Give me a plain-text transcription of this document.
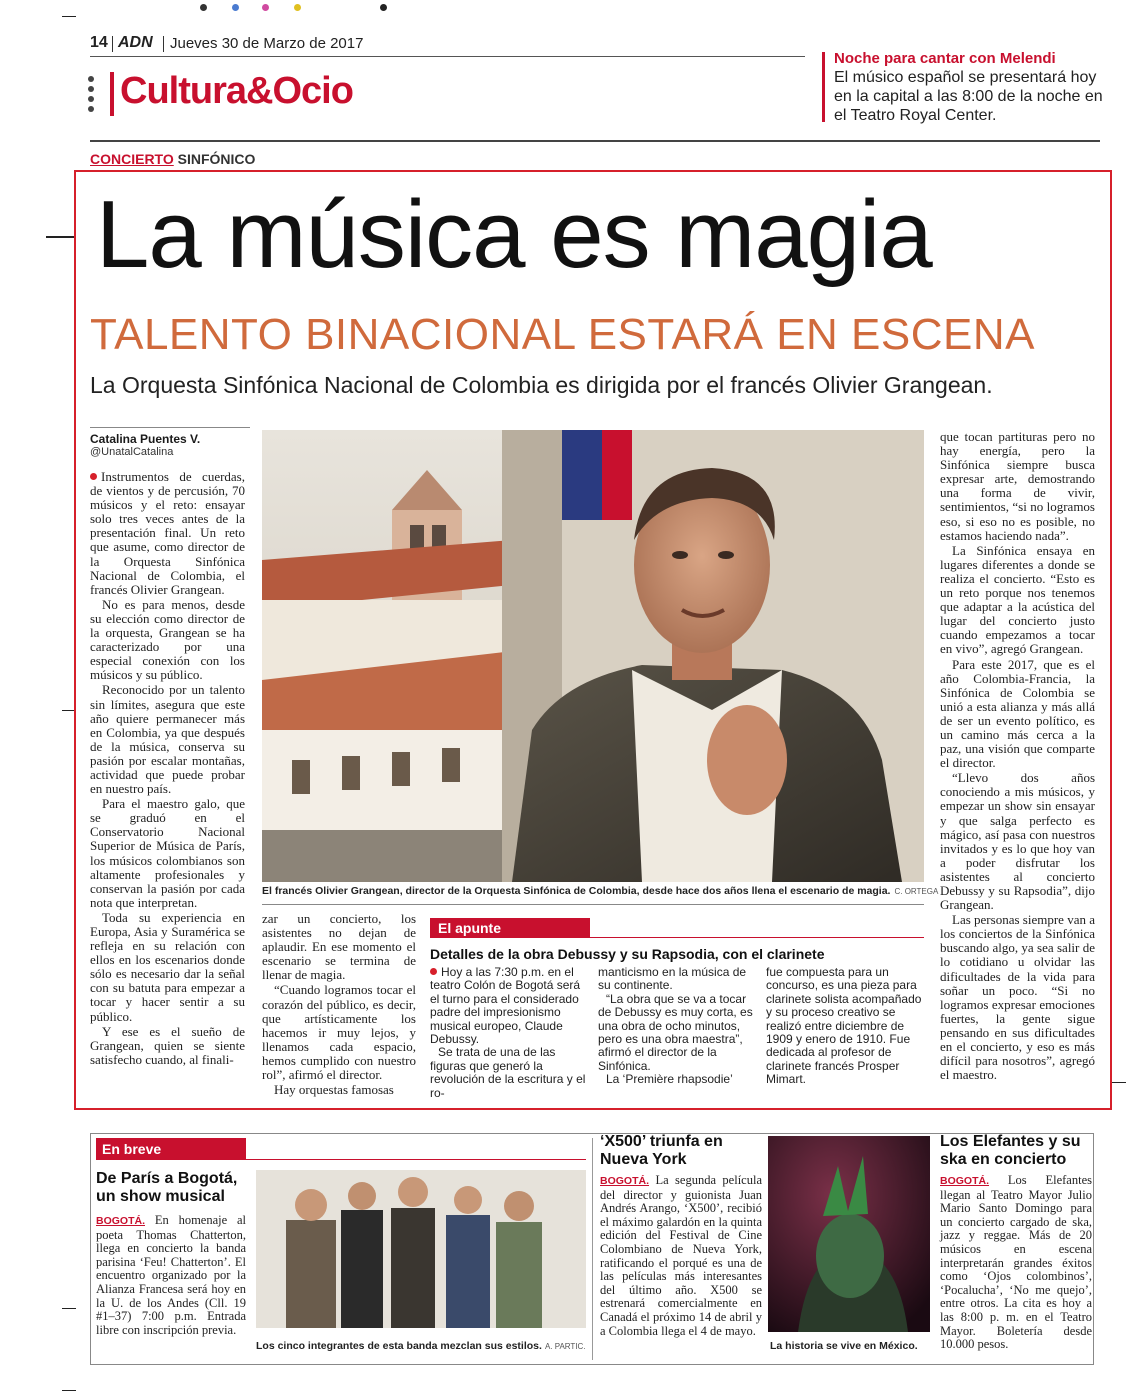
14 ADN Jueves 30 de Marzo de 2017
Cultura&Ocio
Noche para cantar con Melendi
El músico español se presentará hoy en la capital a las 8:00 de la noche en el Teatro Royal Center.
CONCIERTO SINFÓNICO
La música es magia
TALENTO BINACIONAL ESTARÁ EN ESCENA
La Orquesta Sinfónica Nacional de Colombia es dirigida por el francés Olivier Grangean.
Catalina Puentes V.
@UnatalCatalina

Instrumentos de cuerdas, de vientos y de percusión, 70 músicos y el reto: ensayar solo tres veces antes de la presentación final. Un reto que asume, como director de la Orquesta Sinfónica Nacional de Colombia, el francés Olivier Grangean.

No es para menos, desde su elección como director de la orquesta, Grangean se ha caracterizado por una especial conexión con los músicos y su público.

Reconocido por un talento sin límites, asegura que este año quiere permanecer más en Colombia, ya que después de la música, conserva su pasión por escalar montañas, actividad que puede probar en nuestro país.

Para el maestro galo, que se graduó en el Conservatorio Nacional Superior de Música de París, los músicos colombianos son altamente profesionales y conservan la pasión por cada nota que interpretan.

Toda su experiencia en Europa, Asia y Suramérica se refleja en su relación con ellos en los escenarios donde sólo es necesario dar la señal con su batuta para empezar a tocar y hacer sentir a su público.

Y ese es el sueño de Grangean, quien se siente satisfecho cuando, al finali-

El francés Olivier Grangean, director de la Orquesta Sinfónica de Colombia, desde hace dos años llena el escenario de magia. C. ORTEGA

zar un concierto, los asistentes no dejan de aplaudir. En ese momento el escenario se termina de llenar de magia.

“Cuando logramos tocar el corazón del público, es decir, que artísticamente los hacemos ir muy lejos, y llenamos cada espacio, hemos cumplido con nuestro rol”, afirmó el director.

Hay orquestas famosas

que tocan partituras pero no hay energía, pero la Sinfónica siempre busca expresar arte, demostrando una forma de vivir, sentimientos, “si no logramos eso, si eso no es posible, no estamos haciendo nada”.

La Sinfónica ensaya en lugares diferentes a donde se realiza el concierto. “Esto es un reto porque nos tenemos que adaptar a la acústica del lugar del concierto justo cuando empezamos a tocar en vivo”, agregó Grangean.

Para este 2017, que es el año Colombia-Francia, la Sinfónica de Colombia se unió a esta alianza y más allá de ser un evento político, es un camino más cerca a la paz, una visión que comparte el director.

“Llevo dos años conociendo a mis músicos, y empezar un show sin ensayar y que salga perfecto es mágico, así pasa con nuestros invitados y es lo que hoy van a poder disfrutar los asistentes al concierto Debussy y su Rapsodia”, dijo Grangean.

Las personas siempre van a los conciertos de la Sinfónica buscando algo, ya sea salir de lo cotidiano u olvidar las dificultades de la vida para soñar un poco. “Si no logramos expresar emociones fuertes, la gente sigue pensando en sus dificultades en el concierto, y eso es más difícil para nosotros”, agregó el maestro.

El apunte
Detalles de la obra Debussy y su Rapsodia, con el clarinete

Hoy a las 7:30 p.m. en el teatro Colón de Bogotá será el turno para el considerado padre del impresionismo musical europeo, Claude Debussy.

Se trata de una de las figuras que generó la revolución de la escritura y el ro-

manticismo en la música de su continente.

“La obra que se va a tocar de Debussy es muy corta, es una obra de ocho minutos, pero es una obra maestra”, afirmó el director de la Sinfónica.

La ‘Première rhapsodie’

fue compuesta para un concurso, es una pieza para clarinete solista acompañado y su proceso creativo se realizó entre diciembre de 1909 y enero de 1910. Fue dedicada al profesor de clarinete francés Prosper Mimart.

En breve
De París a Bogotá, un show musical
BOGOTÁ. En homenaje al poeta Thomas Chatterton, llega en concierto la banda parisina ‘Feu! Chatterton’. El encuentro organizado por la Alianza Francesa será hoy en la U. de los Andes (Cll. 19 #1–37) 7:00 p.m. Entrada libre con inscripción previa.
Los cinco integrantes de esta banda mezclan sus estilos. A. PARTIC.
‘X500’ triunfa en Nueva York
BOGOTÁ. La segunda película del director y guionista Juan Andrés Arango, ‘X500’, recibió el máximo galardón en la quinta edición del Festival de Cine Colombiano de Nueva York, ratificando el porqué es una de las películas más interesantes del último año. X500 se estrenará comercialmente en Canadá el próximo 14 de abril y a Colombia llega el 4 de mayo.
La historia se vive en México.
Los Elefantes y su ska en concierto
BOGOTÁ. Los Elefantes llegan al Teatro Mayor Julio Mario Santo Domingo para un concierto cargado de ska, jazz y reggae. Más de 20 músicos en escena interpretarán grandes éxitos como ‘Ojos colombinos’, ‘Pocalucha’, ‘No me quejo’, entre otros. La cita es hoy a las 8:00 p. m. en el Teatro Mayor. Boletería desde 10.000 pesos.
